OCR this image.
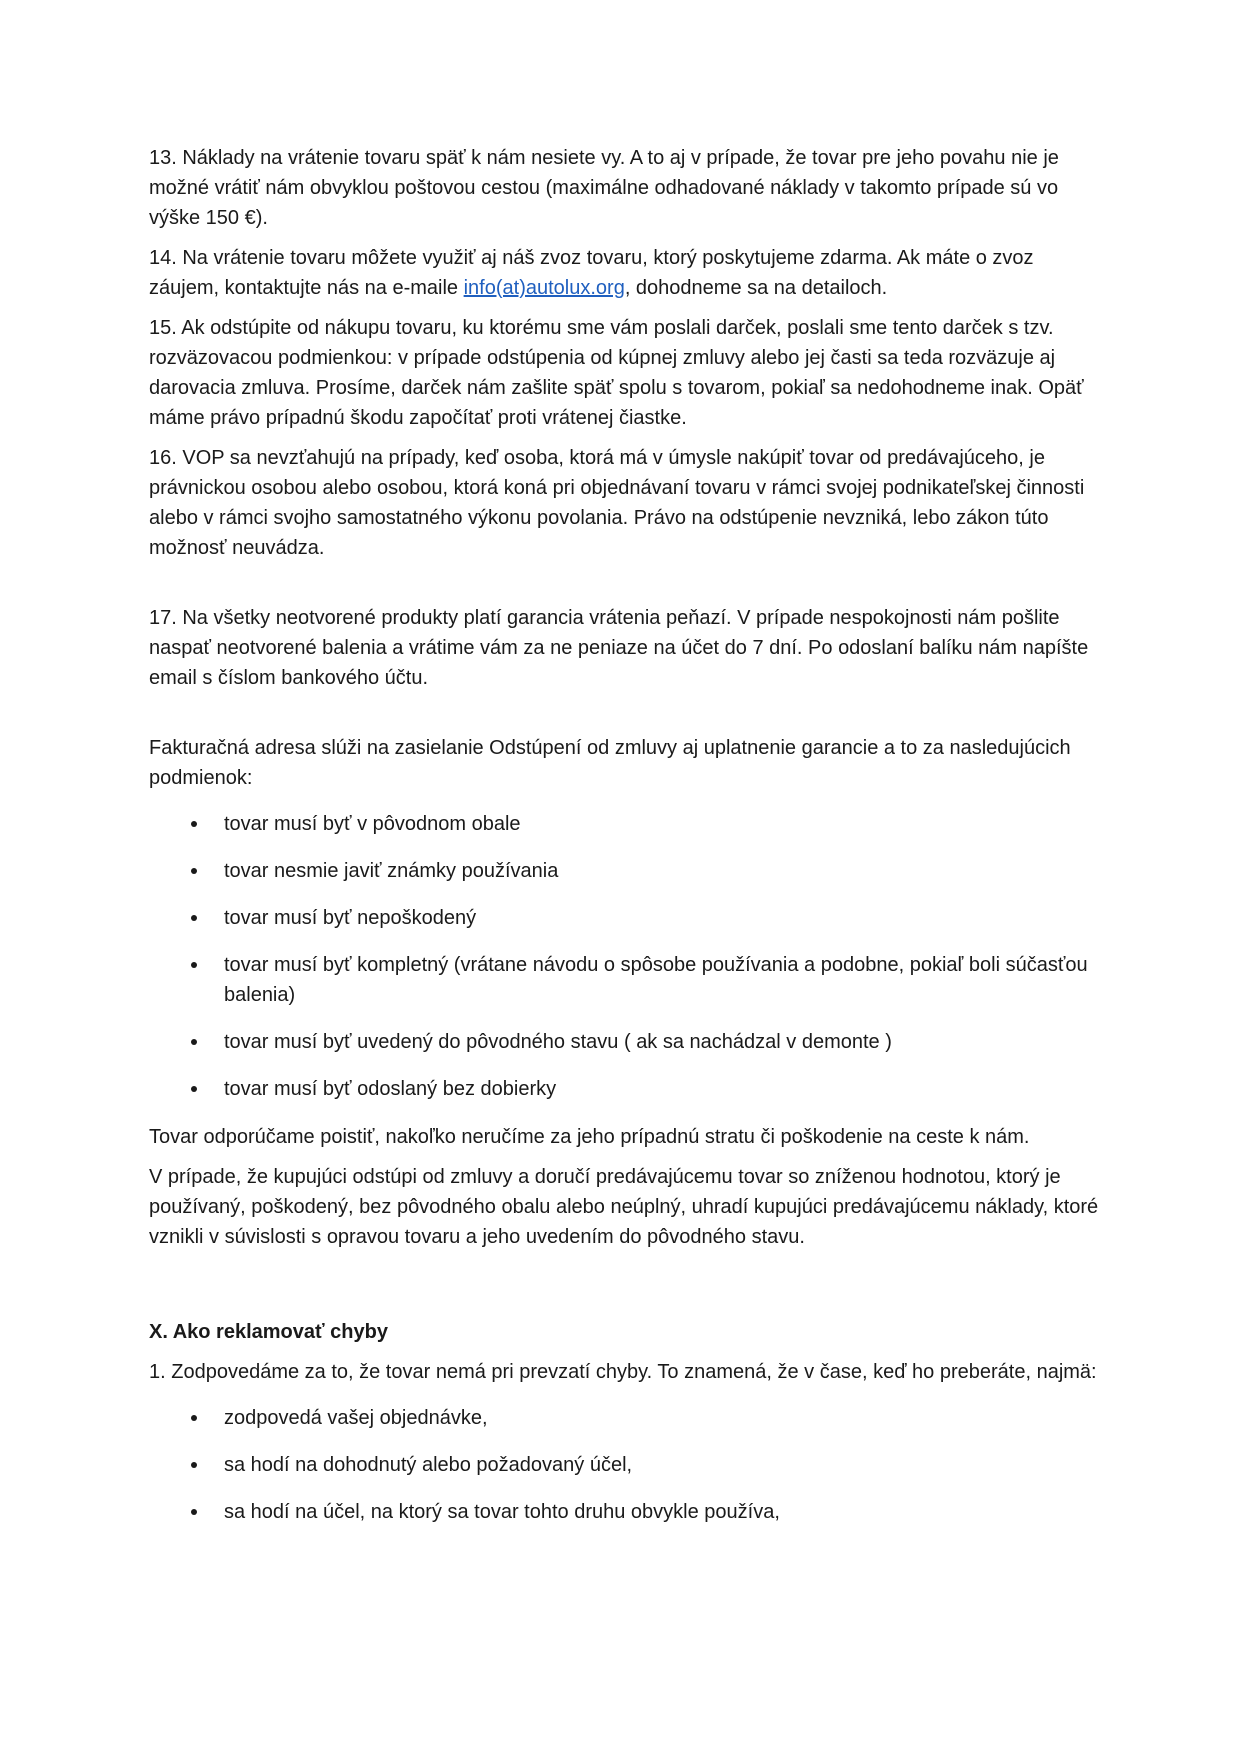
13. Náklady na vrátenie tovaru späť k nám nesiete vy. A to aj v prípade, že tovar pre jeho povahu nie je možné vrátiť nám obvyklou poštovou cestou (maximálne odhadované náklady v takomto prípade sú vo výške 150 €).

14. Na vrátenie tovaru môžete využiť aj náš zvoz tovaru, ktorý poskytujeme zdarma. Ak máte o zvoz záujem, kontaktujte nás na e-maile info(at)autolux.org, dohodneme sa na detailoch.

15. Ak odstúpite od nákupu tovaru, ku ktorému sme vám poslali darček, poslali sme tento darček s tzv. rozväzovacou podmienkou: v prípade odstúpenia od kúpnej zmluvy alebo jej časti sa teda rozväzuje aj darovacia zmluva. Prosíme, darček nám zašlite späť spolu s tovarom, pokiaľ sa nedohodneme inak. Opäť máme právo prípadnú škodu započítať proti vrátenej čiastke.

16. VOP sa nevzťahujú na prípady, keď osoba, ktorá má v úmysle nakúpiť tovar od predávajúceho, je právnickou osobou alebo osobou, ktorá koná pri objednávaní tovaru v rámci svojej podnikateľskej činnosti alebo v rámci svojho samostatného výkonu povolania. Právo na odstúpenie nevzniká, lebo zákon túto možnosť neuvádza.

17. Na všetky neotvorené produkty platí garancia vrátenia peňazí. V prípade nespokojnosti nám pošlite naspať neotvorené balenia a vrátime vám za ne peniaze na účet do 7 dní. Po odoslaní balíku nám napíšte email s číslom bankového účtu.

Fakturačná adresa slúži na zasielanie Odstúpení od zmluvy aj uplatnenie garancie a to za nasledujúcich podmienok:

tovar musí byť v pôvodnom obale
tovar nesmie javiť známky používania
tovar musí byť nepoškodený
tovar musí byť kompletný (vrátane návodu o spôsobe používania a podobne, pokiaľ boli súčasťou balenia)
tovar musí byť uvedený do pôvodného stavu ( ak sa nachádzal v demonte )
tovar musí byť odoslaný bez dobierky

Tovar odporúčame poistiť, nakoľko neručíme za jeho prípadnú stratu či poškodenie na ceste k nám.

V prípade, že kupujúci odstúpi od zmluvy a doručí predávajúcemu tovar so zníženou hodnotou, ktorý je používaný, poškodený, bez pôvodného obalu alebo neúplný, uhradí kupujúci predávajúcemu náklady, ktoré vznikli v súvislosti s opravou tovaru a jeho uvedením do pôvodného stavu.

X. Ako reklamovať chyby

1. Zodpovedáme za to, že tovar nemá pri prevzatí chyby. To znamená, že v čase, keď ho preberáte, najmä:

zodpovedá vašej objednávke,
sa hodí na dohodnutý alebo požadovaný účel,
sa hodí na účel, na ktorý sa tovar tohto druhu obvykle používa,
